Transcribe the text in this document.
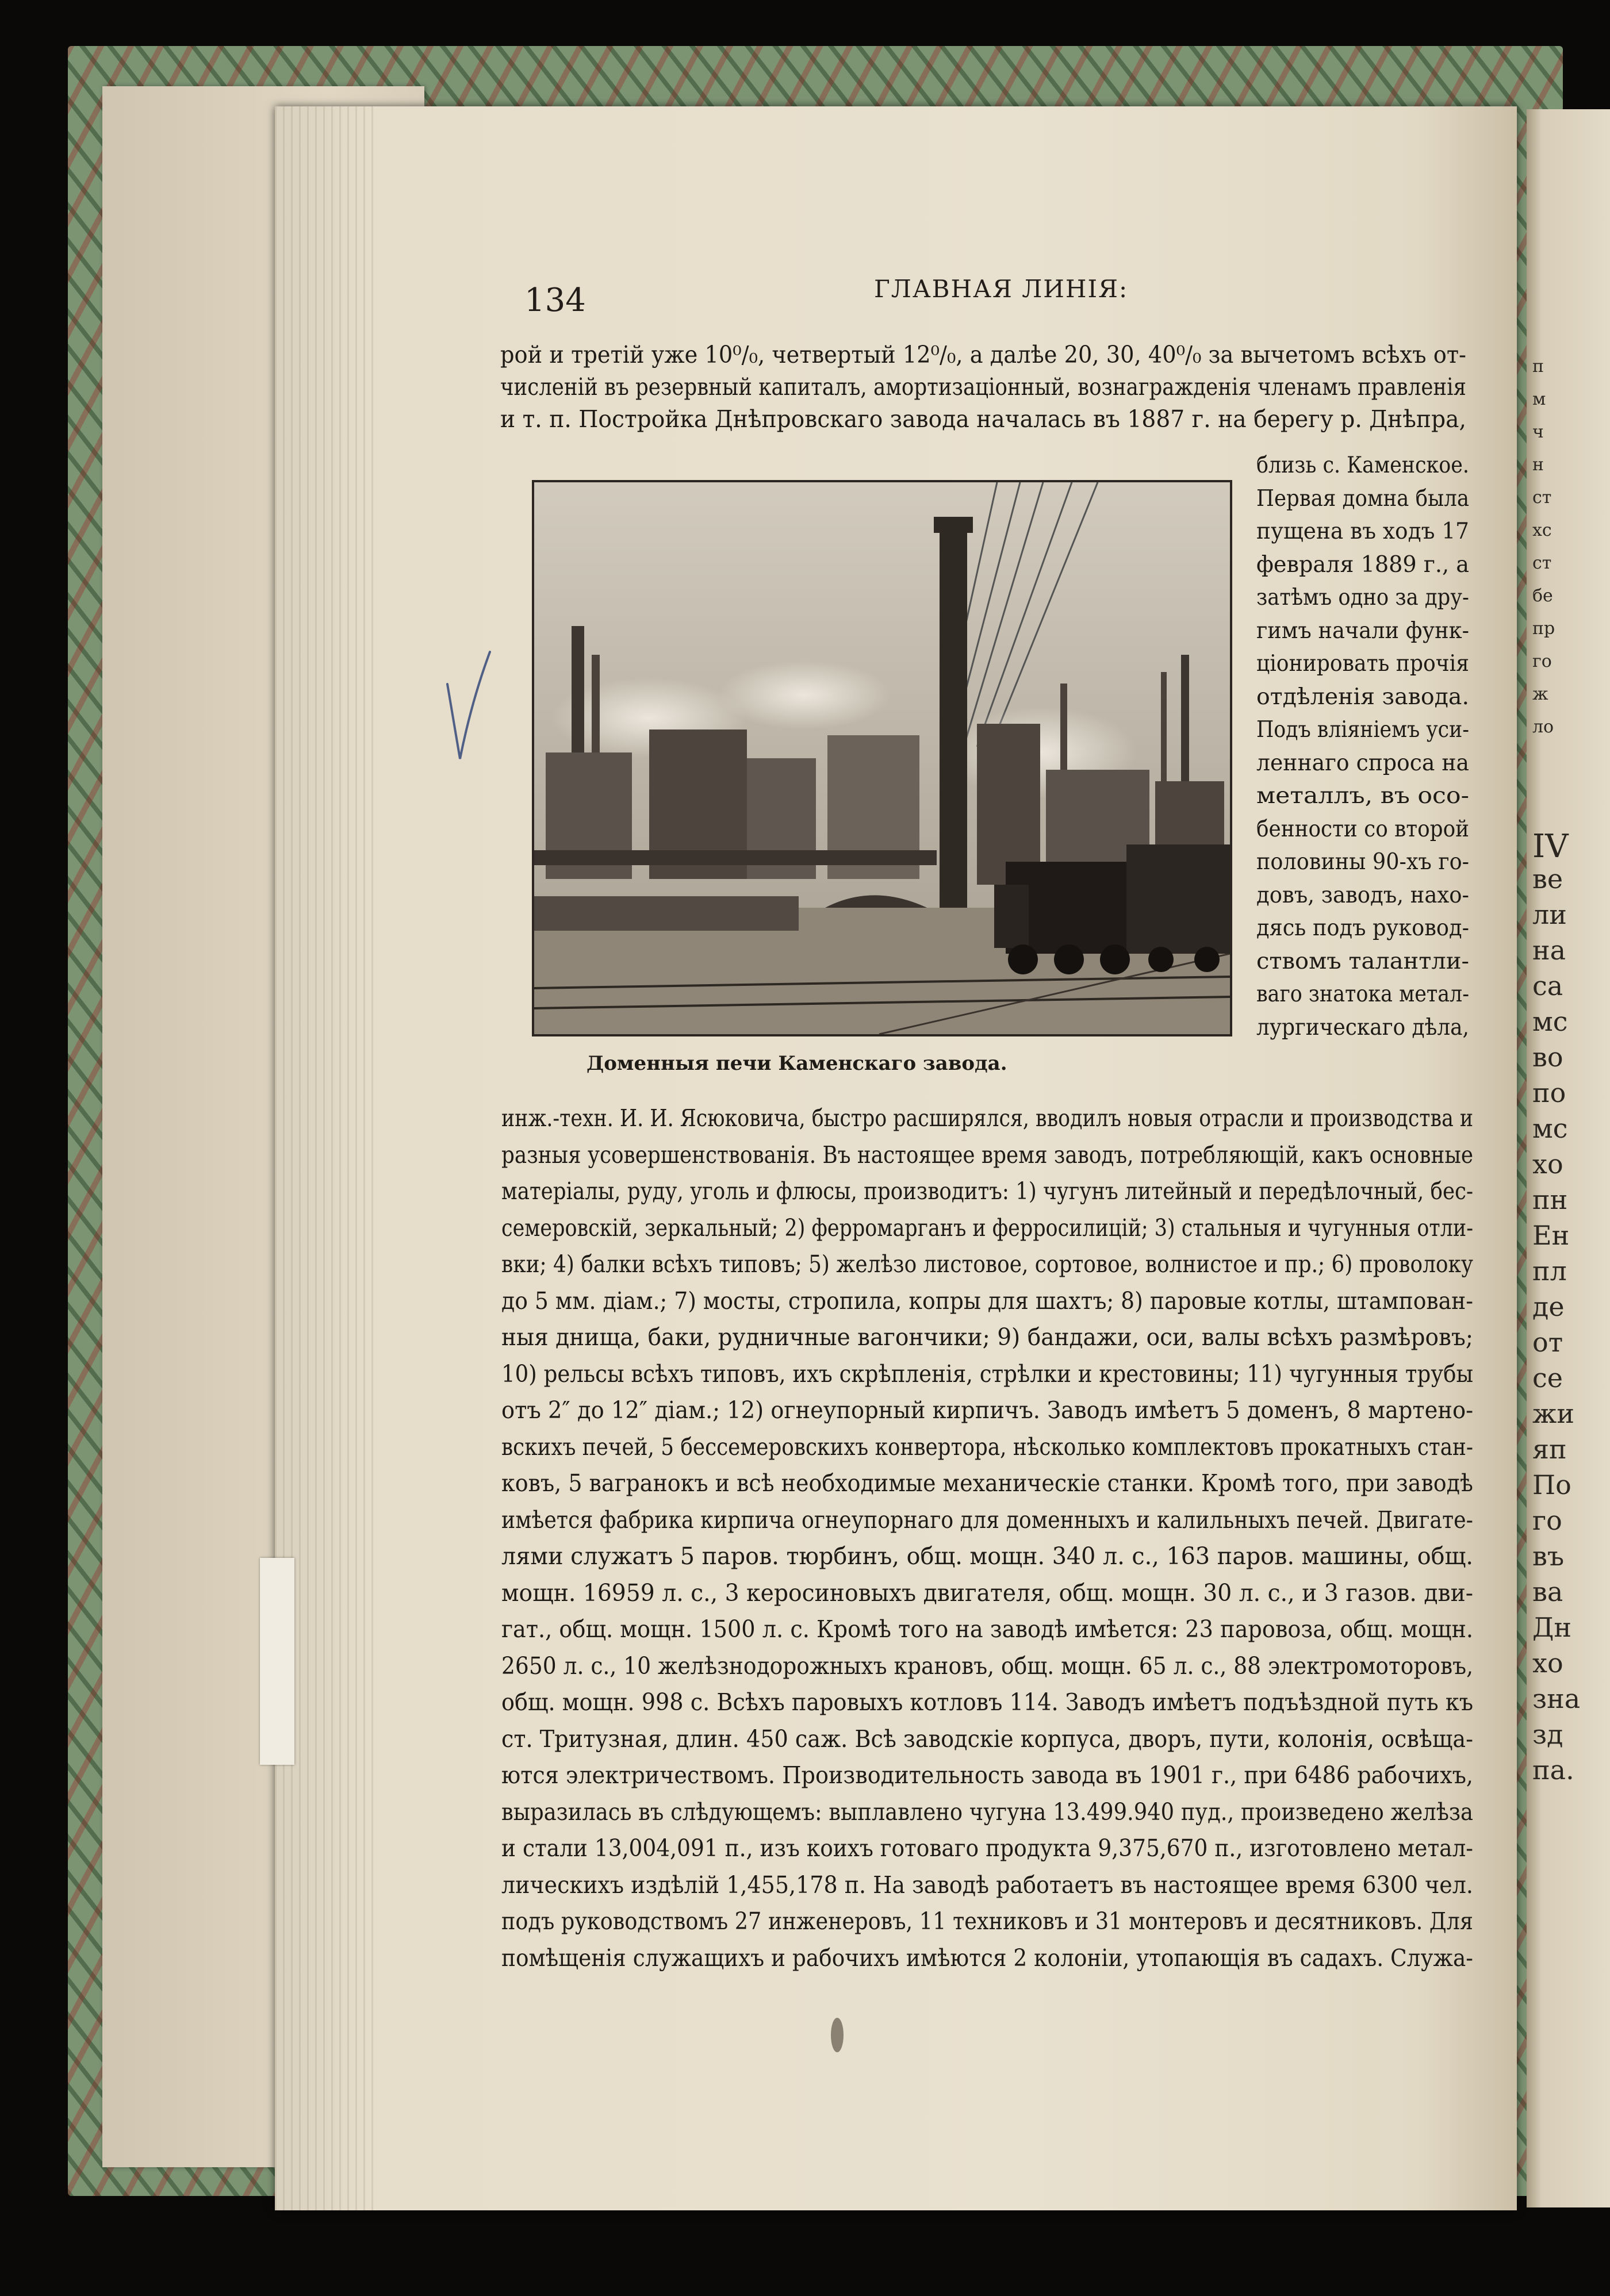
п
м
ч
н
ст
хс
ст
бе
пр
го
ж
ло
IV
ве
ли
на
са
мс
во
по
мс
хо
пн
Ен
пл
де
от
се
жи
яп
По
го
въ
ва
Дн
хо
зна
зд
па.
134	ГЛАВНАЯ ЛИНІЯ:
рой и третій уже 10⁰/₀, четвертый 12⁰/₀, а далѣе 20, 30, 40⁰/₀ за вычетомъ всѣхъ от-
численій въ резервный капиталъ, амортизаціонный, вознагражденія членамъ правленія
и т. п. Постройка Днѣпровскаго завода началась въ 1887 г. на берегу р. Днѣпра,
близь с. Каменское.
Первая домна была
пущена въ ходъ 17
февраля 1889 г., а
затѣмъ одно за дру-
гимъ начали функ-
ціонировать прочія
отдѣленія завода.
Подъ вліяніемъ уси-
леннаго спроса на
металлъ, въ осо-
бенности со второй
половины 90-хъ го-
довъ, заводъ, нахо-
дясь подъ руковод-
ствомъ талантли-
ваго знатока метал-
лургическаго дѣла,
инж.-техн. И. И. Ясюковича, быстро расширялся, вводилъ новыя отрасли и производства и
разныя усовершенствованія. Въ настоящее время заводъ, потребляющій, какъ основные
матеріалы, руду, уголь и флюсы, производитъ: 1) чугунъ литейный и передѣлочный, бес-
семеровскій, зеркальный; 2) ферромарганъ и ферросилицій; 3) стальныя и чугунныя отли-
вки; 4) балки всѣхъ типовъ; 5) желѣзо листовое, сортовое, волнистое и пр.; 6) проволоку
до 5 мм. діам.; 7) мосты, стропила, копры для шахтъ; 8) паровые котлы, штампован-
ныя днища, баки, рудничные вагончики; 9) бандажи, оси, валы всѣхъ размѣровъ;
10) рельсы всѣхъ типовъ, ихъ скрѣпленія, стрѣлки и крестовины; 11) чугунныя трубы
отъ 2″ до 12″ діам.; 12) огнеупорный кирпичъ. Заводъ имѣетъ 5 доменъ, 8 мартено-
вскихъ печей, 5 бессемеровскихъ конвертора, нѣсколько комплектовъ прокатныхъ стан-
ковъ, 5 вагранокъ и всѣ необходимые механическіе станки. Кромѣ того, при заводѣ
имѣется фабрика кирпича огнеупорнаго для доменныхъ и калильныхъ печей. Двигате-
лями служатъ 5 паров. тюрбинъ, общ. мощн. 340 л. с., 163 паров. машины, общ.
мощн. 16959 л. с., 3 керосиновыхъ двигателя, общ. мощн. 30 л. с., и 3 газов. дви-
гат., общ. мощн. 1500 л. с. Кромѣ того на заводѣ имѣется: 23 паровоза, общ. мощн.
2650 л. с., 10 желѣзнодорожныхъ крановъ, общ. мощн. 65 л. с., 88 электромоторовъ,
общ. мощн. 998 с. Всѣхъ паровыхъ котловъ 114. Заводъ имѣетъ подъѣздной путь къ
ст. Тритузная, длин. 450 саж. Всѣ заводскіе корпуса, дворъ, пути, колонія, освѣща-
ются электричествомъ. Производительность завода въ 1901 г., при 6486 рабочихъ,
выразилась въ слѣдующемъ: выплавлено чугуна 13.499.940 пуд., произведено желѣза
и стали 13,004,091 п., изъ коихъ готоваго продукта 9,375,670 п., изготовлено метал-
лическихъ издѣлій 1,455,178 п. На заводѣ работаетъ въ настоящее время 6300 чел.
подъ руководствомъ 27 инженеровъ, 11 техниковъ и 31 монтеровъ и десятниковъ. Для
помѣщенія служащихъ и рабочихъ имѣются 2 колоніи, утопающія въ садахъ. Служа-
Доменныя печи Каменскаго завода.
